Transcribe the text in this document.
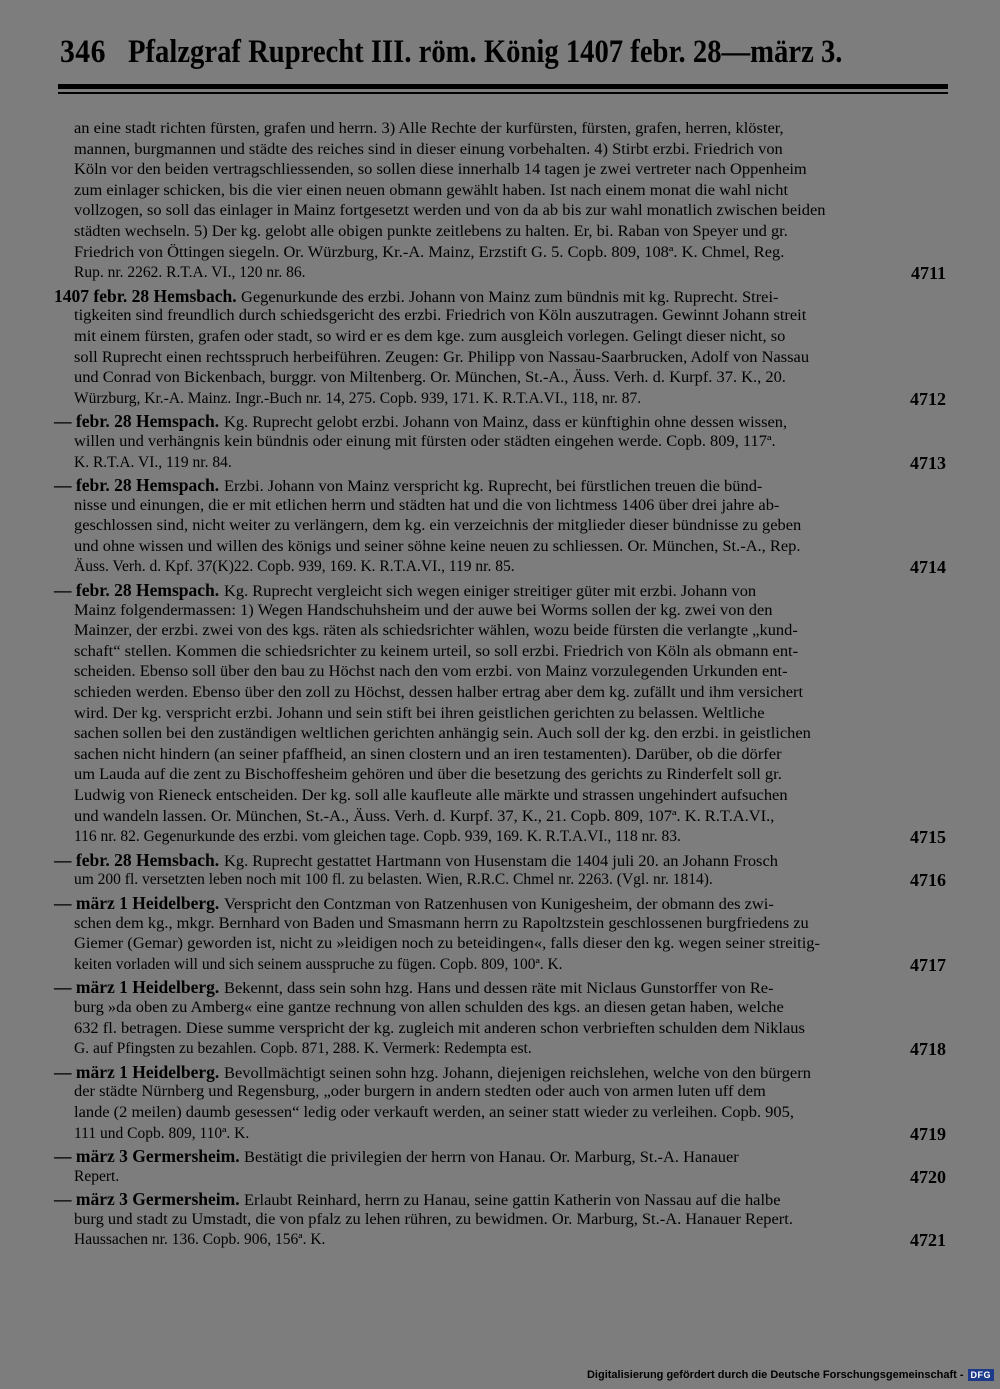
346 Pfalzgraf Ruprecht III. röm. König 1407 febr. 28—märz 3.
an eine stadt richten fürsten, grafen und herrn. 3) Alle Rechte der kurfürsten, fürsten, grafen, herren, klöster,
mannen, burgmannen und städte des reiches sind in dieser einung vorbehalten. 4) Stirbt erzbi. Friedrich von
Köln vor den beiden vertragschliessenden, so sollen diese innerhalb 14 tagen je zwei vertreter nach Oppenheim
zum einlager schicken, bis die vier einen neuen obmann gewählt haben. Ist nach einem monat die wahl nicht
vollzogen, so soll das einlager in Mainz fortgesetzt werden und von da ab bis zur wahl monatlich zwischen beiden
städten wechseln. 5) Der kg. gelobt alle obigen punkte zeitlebens zu halten. Er, bi. Raban von Speyer und gr.
Friedrich von Öttingen siegeln. Or. Würzburg, Kr.-A. Mainz, Erzstift G. 5. Copb. 809, 108ª. K. Chmel, Reg.
Rup. nr. 2262. R.T.A. VI., 120 nr. 86.	4711
1407 febr. 28 Hemsbach. Gegenurkunde des erzbi. Johann von Mainz zum bündnis mit kg. Ruprecht. Strei-
tigkeiten sind freundlich durch schiedsgericht des erzbi. Friedrich von Köln auszutragen. Gewinnt Johann streit
mit einem fürsten, grafen oder stadt, so wird er es dem kge. zum ausgleich vorlegen. Gelingt dieser nicht, so
soll Ruprecht einen rechtsspruch herbeiführen. Zeugen: Gr. Philipp von Nassau-Saarbrucken, Adolf von Nassau
und Conrad von Bickenbach, burggr. von Miltenberg. Or. München, St.-A., Äuss. Verh. d. Kurpf. 37. K., 20.
Würzburg, Kr.-A. Mainz. Ingr.-Buch nr. 14, 275. Copb. 939, 171. K. R.T.A.VI., 118, nr. 87.	4712
— febr. 28 Hemspach. Kg. Ruprecht gelobt erzbi. Johann von Mainz, dass er künftighin ohne dessen wissen,
willen und verhängnis kein bündnis oder einung mit fürsten oder städten eingehen werde. Copb. 809, 117ª.
K. R.T.A. VI., 119 nr. 84.	4713
— febr. 28 Hemspach. Erzbi. Johann von Mainz verspricht kg. Ruprecht, bei fürstlichen treuen die bünd-
nisse und einungen, die er mit etlichen herrn und städten hat und die von lichtmess 1406 über drei jahre ab-
geschlossen sind, nicht weiter zu verlängern, dem kg. ein verzeichnis der mitglieder dieser bündnisse zu geben
und ohne wissen und willen des königs und seiner söhne keine neuen zu schliessen. Or. München, St.-A., Rep.
Äuss. Verh. d. Kpf. 37(K)22. Copb. 939, 169. K. R.T.A.VI., 119 nr. 85.	4714
— febr. 28 Hemspach. Kg. Ruprecht vergleicht sich wegen einiger streitiger güter mit erzbi. Johann von
Mainz folgendermassen: 1) Wegen Handschuhsheim und der auwe bei Worms sollen der kg. zwei von den
Mainzer, der erzbi. zwei von des kgs. räten als schiedsrichter wählen, wozu beide fürsten die verlangte „kund-
schaft“ stellen. Kommen die schiedsrichter zu keinem urteil, so soll erzbi. Friedrich von Köln als obmann ent-
scheiden. Ebenso soll über den bau zu Höchst nach den vom erzbi. von Mainz vorzulegenden Urkunden ent-
schieden werden. Ebenso über den zoll zu Höchst, dessen halber ertrag aber dem kg. zufällt und ihm versichert
wird. Der kg. verspricht erzbi. Johann und sein stift bei ihren geistlichen gerichten zu belassen. Weltliche
sachen sollen bei den zuständigen weltlichen gerichten anhängig sein. Auch soll der kg. den erzbi. in geistlichen
sachen nicht hindern (an seiner pfaffheid, an sinen clostern und an iren testamenten). Darüber, ob die dörfer
um Lauda auf die zent zu Bischoffesheim gehören und über die besetzung des gerichts zu Rinderfelt soll gr.
Ludwig von Rieneck entscheiden. Der kg. soll alle kaufleute alle märkte und strassen ungehindert aufsuchen
und wandeln lassen. Or. München, St.-A., Äuss. Verh. d. Kurpf. 37, K., 21. Copb. 809, 107ª. K. R.T.A.VI.,
116 nr. 82. Gegenurkunde des erzbi. vom gleichen tage. Copb. 939, 169. K. R.T.A.VI., 118 nr. 83.	4715
— febr. 28 Hemsbach. Kg. Ruprecht gestattet Hartmann von Husenstam die 1404 juli 20. an Johann Frosch
um 200 fl. versetzten leben noch mit 100 fl. zu belasten. Wien, R.R.C. Chmel nr. 2263. (Vgl. nr. 1814).	4716
— märz 1 Heidelberg. Verspricht den Contzman von Ratzenhusen von Kunigesheim, der obmann des zwi-
schen dem kg., mkgr. Bernhard von Baden und Smasmann herrn zu Rapoltzstein geschlossenen burgfriedens zu
Giemer (Gemar) geworden ist, nicht zu »leidigen noch zu beteidingen«, falls dieser den kg. wegen seiner streitig-
keiten vorladen will und sich seinem ausspruche zu fügen. Copb. 809, 100ª. K.	4717
— märz 1 Heidelberg. Bekennt, dass sein sohn hzg. Hans und dessen räte mit Niclaus Gunstorffer von Re-
burg »da oben zu Amberg« eine gantze rechnung von allen schulden des kgs. an diesen getan haben, welche
632 fl. betragen. Diese summe verspricht der kg. zugleich mit anderen schon verbrieften schulden dem Niklaus
G. auf Pfingsten zu bezahlen. Copb. 871, 288. K. Vermerk: Redempta est.	4718
— märz 1 Heidelberg. Bevollmächtigt seinen sohn hzg. Johann, diejenigen reichslehen, welche von den bürgern
der städte Nürnberg und Regensburg, „oder burgern in andern stedten oder auch von armen luten uff dem
lande (2 meilen) daumb gesessen“ ledig oder verkauft werden, an seiner statt wieder zu verleihen. Copb. 905,
111 und Copb. 809, 110ª. K.	4719
— märz 3 Germersheim. Bestätigt die privilegien der herrn von Hanau. Or. Marburg, St.-A. Hanauer
Repert.	4720
— märz 3 Germersheim. Erlaubt Reinhard, herrn zu Hanau, seine gattin Katherin von Nassau auf die halbe
burg und stadt zu Umstadt, die von pfalz zu lehen rühren, zu bewidmen. Or. Marburg, St.-A. Hanauer Repert.
Haussachen nr. 136. Copb. 906, 156ª. K.	4721
Digitalisierung gefördert durch die Deutsche Forschungsgemeinschaft - DFG
